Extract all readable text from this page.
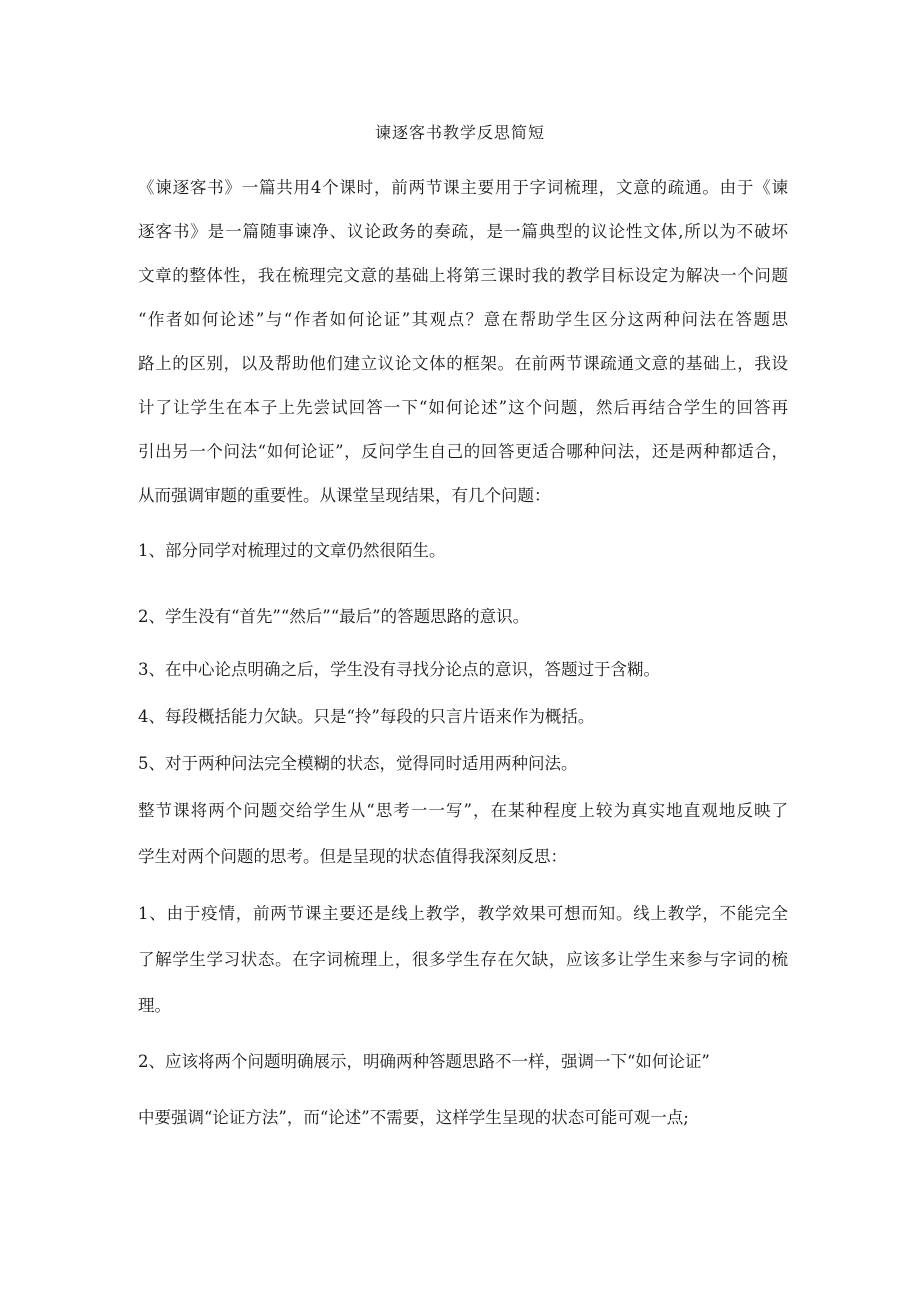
谏逐客书教学反思简短
《谏逐客书》一篇共用4个课时，前两节课主要用于字词梳理，文意的疏通。由于《谏
逐客书》是一篇随事谏净、议论政务的奏疏，是一篇典型的议论性文体,所以为不破坏
文章的整体性，我在梳理完文意的基础上将第三课时我的教学目标设定为解决一个问题
“作者如何论述”与“作者如何论证”其观点？意在帮助学生区分这两种问法在答题思
路上的区别，以及帮助他们建立议论文体的框架。在前两节课疏通文意的基础上，我设
计了让学生在本子上先尝试回答一下“如何论述”这个问题，然后再结合学生的回答再
引出另一个问法“如何论证”，反问学生自己的回答更适合哪种问法，还是两种都适合，
从而强调审题的重要性。从课堂呈现结果，有几个问题：
1、部分同学对梳理过的文章仍然很陌生。
2、学生没有“首先”“然后”“最后”的答题思路的意识。
3、在中心论点明确之后，学生没有寻找分论点的意识，答题过于含糊。
4、每段概括能力欠缺。只是“拎”每段的只言片语来作为概括。
5、对于两种问法完全模糊的状态，觉得同时适用两种问法。
整节课将两个问题交给学生从“思考一一写”，在某种程度上较为真实地直观地反映了
学生对两个问题的思考。但是呈现的状态值得我深刻反思：
1、由于疫情，前两节课主要还是线上教学，教学效果可想而知。线上教学，不能完全
了解学生学习状态。在字词梳理上，很多学生存在欠缺，应该多让学生来参与字词的梳
理。
2、应该将两个问题明确展示，明确两种答题思路不一样，强调一下“如何论证”
中要强调“论证方法”，而“论述”不需要，这样学生呈现的状态可能可观一点;
